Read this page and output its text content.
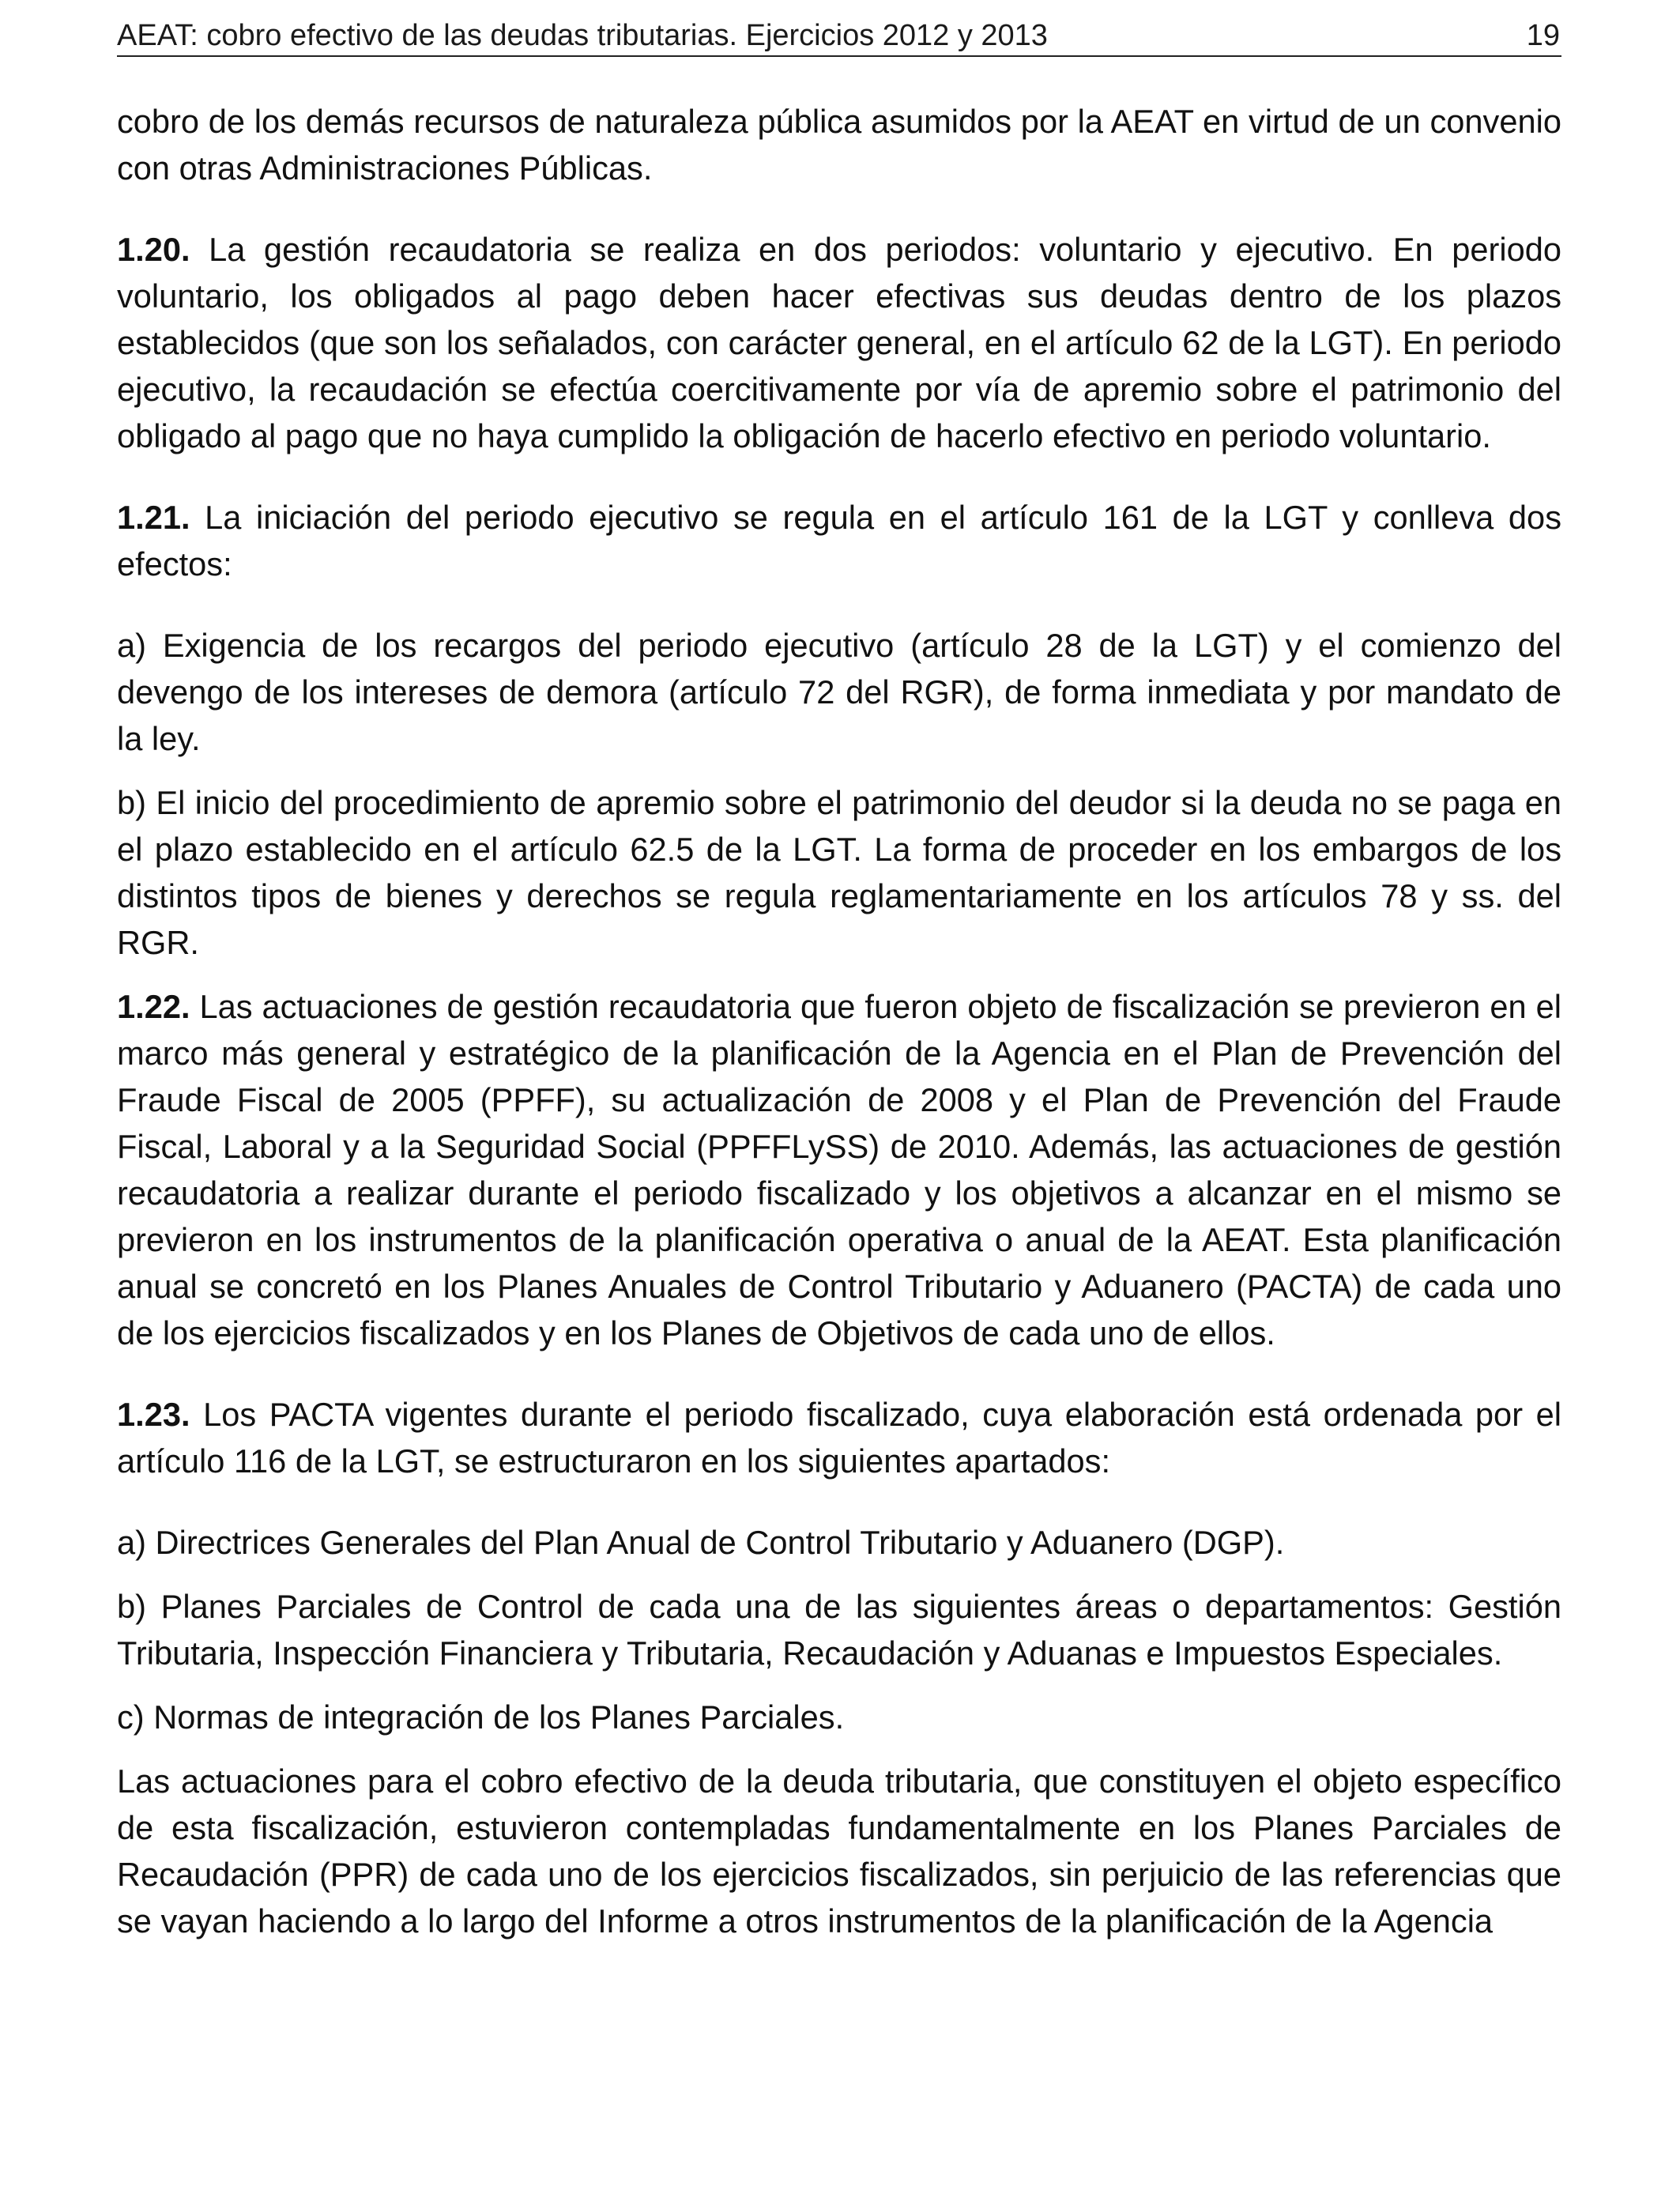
AEAT: cobro efectivo de las deudas tributarias. Ejercicios 2012 y 2013	19

cobro de los demás recursos de naturaleza pública asumidos por la AEAT en virtud de un convenio con otras Administraciones Públicas.

1.20. La gestión recaudatoria se realiza en dos periodos: voluntario y ejecutivo. En periodo voluntario, los obligados al pago deben hacer efectivas sus deudas dentro de los plazos establecidos (que son los señalados, con carácter general, en el artículo 62 de la LGT). En periodo ejecutivo, la recaudación se efectúa coercitivamente por vía de apremio sobre el patrimonio del obligado al pago que no haya cumplido la obligación de hacerlo efectivo en periodo voluntario.

1.21. La iniciación del periodo ejecutivo se regula en el artículo 161 de la LGT y conlleva dos efectos:

a) Exigencia de los recargos del periodo ejecutivo (artículo 28 de la LGT) y el comienzo del devengo de los intereses de demora (artículo 72 del RGR), de forma inmediata y por mandato de la ley.

b) El inicio del procedimiento de apremio sobre el patrimonio del deudor si la deuda no se paga en el plazo establecido en el artículo 62.5 de la LGT. La forma de proceder en los embargos de los distintos tipos de bienes y derechos se regula reglamentariamente en los artículos 78 y ss. del RGR.

1.22. Las actuaciones de gestión recaudatoria que fueron objeto de fiscalización se previeron en el marco más general y estratégico de la planificación de la Agencia en el Plan de Prevención del Fraude Fiscal de 2005 (PPFF), su actualización de 2008 y el Plan de Prevención del Fraude Fiscal, Laboral y a la Seguridad Social (PPFFLySS) de 2010. Además, las actuaciones de gestión recaudatoria a realizar durante el periodo fiscalizado y los objetivos a alcanzar en el mismo se previeron en los instrumentos de la planificación operativa o anual de la AEAT. Esta planificación anual se concretó en los Planes Anuales de Control Tributario y Aduanero (PACTA) de cada uno de los ejercicios fiscalizados y en los Planes de Objetivos de cada uno de ellos.

1.23. Los PACTA vigentes durante el periodo fiscalizado, cuya elaboración está ordenada por el artículo 116 de la LGT, se estructuraron en los siguientes apartados:

a) Directrices Generales del Plan Anual de Control Tributario y Aduanero (DGP).

b) Planes Parciales de Control de cada una de las siguientes áreas o departamentos: Gestión Tributaria, Inspección Financiera y Tributaria, Recaudación y Aduanas e Impuestos Especiales.

c) Normas de integración de los Planes Parciales.

Las actuaciones para el cobro efectivo de la deuda tributaria, que constituyen el objeto específico de esta fiscalización, estuvieron contempladas fundamentalmente en los Planes Parciales de Recaudación (PPR) de cada uno de los ejercicios fiscalizados, sin perjuicio de las referencias que se vayan haciendo a lo largo del Informe a otros instrumentos de la planificación de la Agencia
